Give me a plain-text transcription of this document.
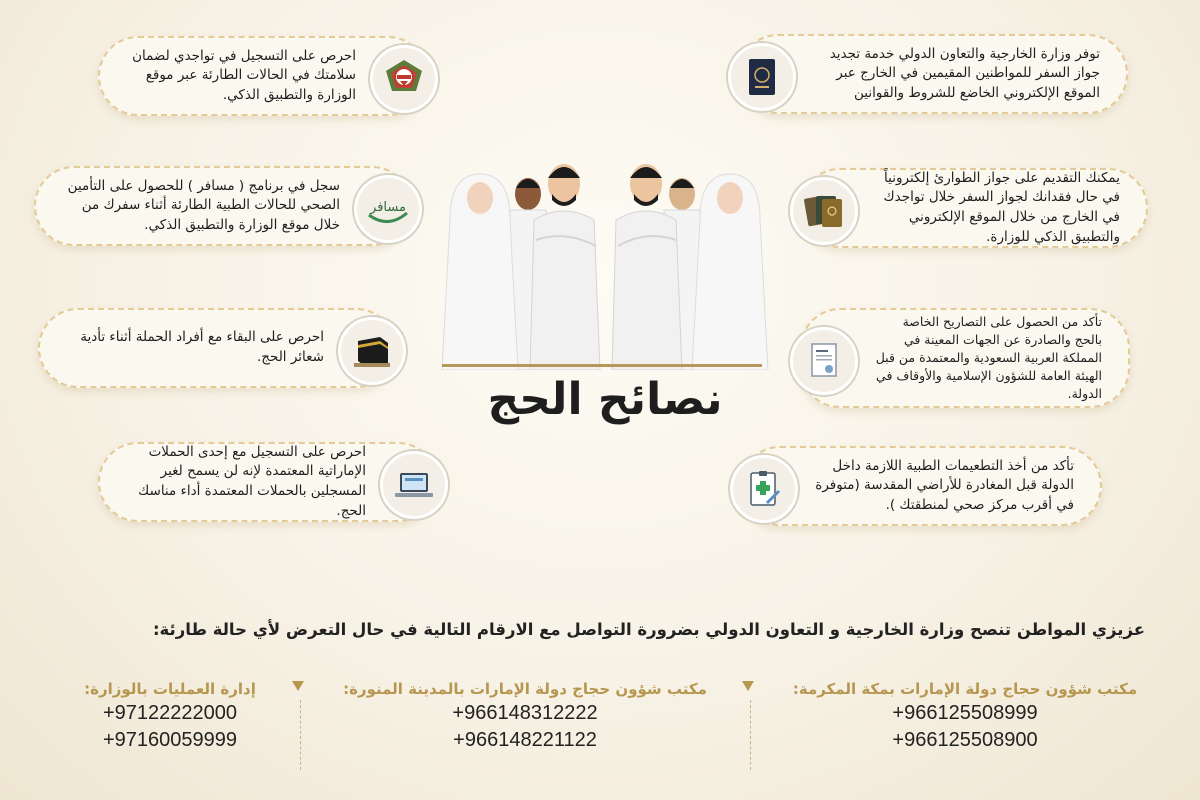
احرص على التسجيل في تواجدي لضمان سلامتك في الحالات الطارئة عبر موقع الوزارة والتطبيق الذكي.
سجل في برنامج ( مسافر ) للحصول على التأمين الصحي للحالات الطبية الطارئة أثناء سفرك من خلال موقع الوزارة والتطبيق الذكي.
مسافر
احرص على البقاء مع أفراد الحملة أثناء تأدية شعائر الحج.
احرص على التسجيل مع إحدى الحملات الإماراتية المعتمدة لإنه لن يسمح لغير المسجلين بالحملات المعتمدة أداء مناسك الحج.
توفر وزارة الخارجية والتعاون الدولي خدمة تجديد جواز السفر للمواطنين المقيمين في الخارج عبر الموقع الإلكتروني الخاضع للشروط والقوانين
يمكنك التقديم على جواز الطوارئ إلكترونياً في حال فقدانك لجواز السفر خلال تواجدك في الخارج من خلال الموقع الإلكتروني والتطبيق الذكي للوزارة.
تأكد من الحصول على التصاريح الخاصة بالحج والصادرة عن الجهات المعينة في المملكة العربية السعودية والمعتمدة من قبل الهيئة العامة للشؤون الإسلامية والأوقاف في الدولة.
تأكد من أخذ التطعيمات الطبية اللازمة داخل الدولة قبل المغادرة للأراضي المقدسة (متوفرة في أقرب مركز صحي لمنطقتك ).
نصائح الحج
عزيزي المواطن تنصح وزارة الخارجية و التعاون الدولي بضرورة التواصل مع الارقام التالية في حال التعرض لأي حالة طارئة:
مكتب شؤون حجاج دولة الإمارات بمكة المكرمة:
+966125508999
+966125508900
مكتب شؤون حجاج دولة الإمارات بالمدينة المنورة:
+966148312222
+966148221122
إدارة العمليات بالوزارة:
+97122222000
+97160059999
